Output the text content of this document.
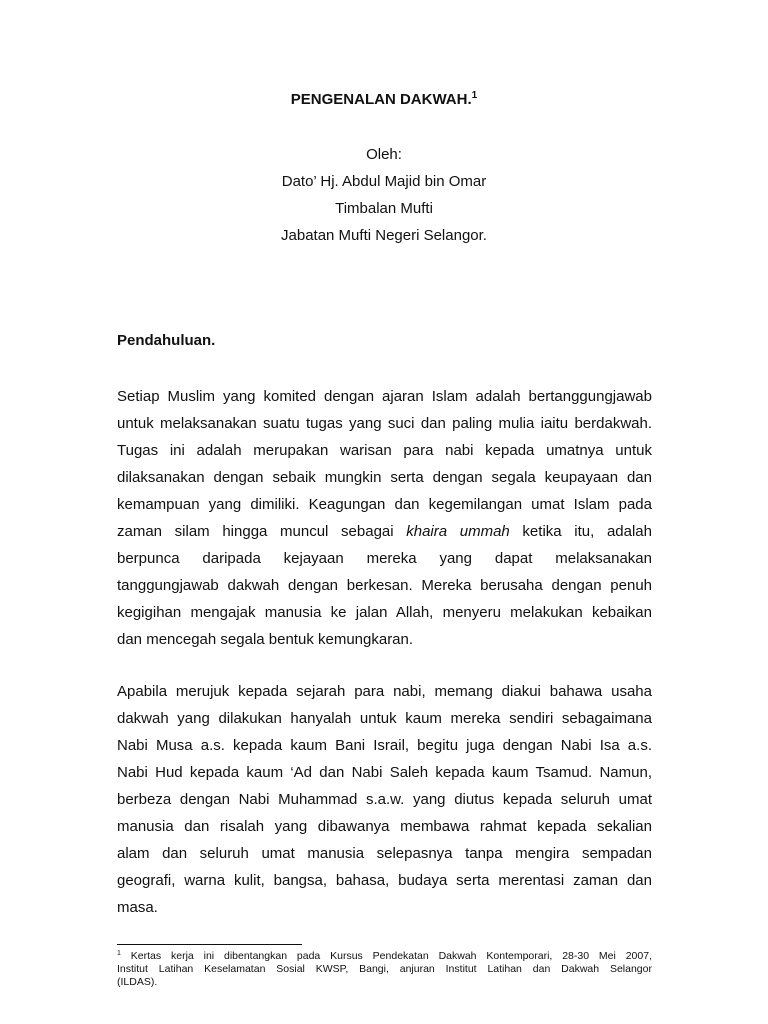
PENGENALAN DAKWAH.$^1$
Oleh:
Dato’ Hj. Abdul Majid bin Omar
Timbalan Mufti
Jabatan Mufti Negeri Selangor.
Pendahuluan.
Setiap Muslim yang komited dengan ajaran Islam adalah bertanggungjawab
untuk melaksanakan suatu tugas yang suci dan paling mulia iaitu berdakwah.
Tugas ini adalah merupakan warisan para nabi kepada umatnya untuk
dilaksanakan dengan sebaik mungkin serta dengan segala keupayaan dan
kemampuan yang dimiliki. Keagungan dan kegemilangan umat Islam pada
zaman silam hingga muncul sebagai khaira ummah ketika itu, adalah
berpunca daripada kejayaan mereka yang dapat melaksanakan
tanggungjawab dakwah dengan berkesan. Mereka berusaha dengan penuh
kegigihan mengajak manusia ke jalan Allah, menyeru melakukan kebaikan
dan mencegah segala bentuk kemungkaran.
Apabila merujuk kepada sejarah para nabi, memang diakui bahawa usaha
dakwah yang dilakukan hanyalah untuk kaum mereka sendiri sebagaimana
Nabi Musa a.s. kepada kaum Bani Israil, begitu juga dengan Nabi Isa a.s.
Nabi Hud kepada kaum ‘Ad dan Nabi Saleh kepada kaum Tsamud. Namun,
berbeza dengan Nabi Muhammad s.a.w. yang diutus kepada seluruh umat
manusia dan risalah yang dibawanya membawa rahmat kepada sekalian
alam dan seluruh umat manusia selepasnya tanpa mengira sempadan
geografi, warna kulit, bangsa, bahasa, budaya serta merentasi zaman dan
masa.
$^1$ Kertas kerja ini dibentangkan pada Kursus Pendekatan Dakwah Kontemporari, 28-30 Mei 2007,
Institut Latihan Keselamatan Sosial KWSP, Bangi, anjuran Institut Latihan dan Dakwah Selangor
(ILDAS).
